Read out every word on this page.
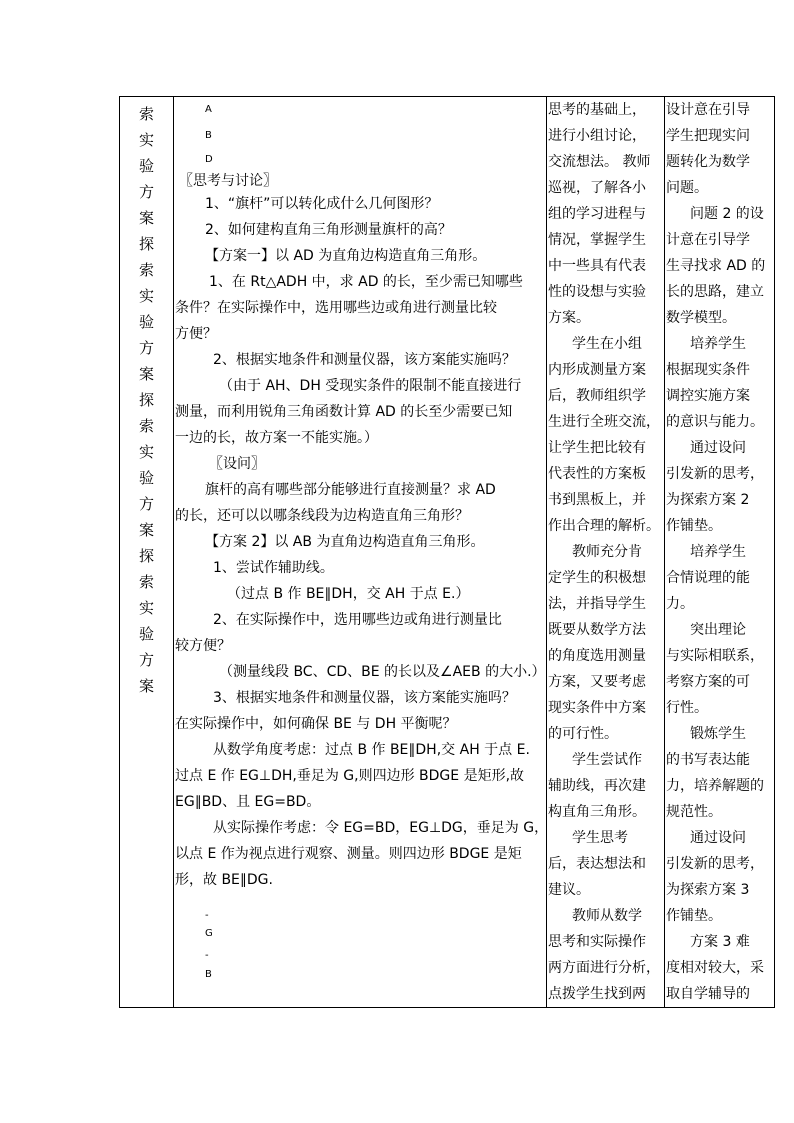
索
实
验
方
案
探
索
实
验
方
案
探
索
实
验
方
案
探
索
实
验
方
案

A

B

D

〖思考与讨论〗

1、“旗杆”可以转化成什么几何图形？

2、如何建构直角三角形测量旗杆的高？

【方案一】以 AD 为直角边构造直角三角形。

1、在 Rt△ADH 中，求 AD 的长，至少需已知哪些

条件？在实际操作中，选用哪些边或角进行测量比较

方便？

2、根据实地条件和测量仪器，该方案能实施吗？

（由于 AH、DH 受现实条件的限制不能直接进行

测量，而利用锐角三角函数计算 AD 的长至少需要已知

一边的长，故方案一不能实施。）

〖设问〗

旗杆的高有哪些部分能够进行直接测量？求 AD

的长，还可以以哪条线段为边构造直角三角形？

【方案 2】以 AB 为直角边构造直角三角形。

1、尝试作辅助线。

（过点 B 作 BE∥DH，交 AH 于点 E.）

2、在实际操作中，选用哪些边或角进行测量比

较方便？

（测量线段 BC、CD、BE 的长以及∠AEB 的大小.）

3、根据实地条件和测量仪器，该方案能实施吗？

在实际操作中，如何确保 BE 与 DH 平衡呢？

从数学角度考虑：过点 B 作 BE∥DH,交 AH 于点 E.

过点 E 作 EG⊥DH,垂足为 G,则四边形 BDGE 是矩形,故

EG∥BD、且 EG=BD。

从实际操作考虑：令 EG=BD，EG⊥DG，垂足为 G，

以点 E 作为视点进行观察、测量。则四边形 BDGE 是矩

形，故 BE∥DG.

-

G

-

B

思考的基础上，

进行小组讨论，

交流想法。 教师

巡视，了解各小

组的学习进程与

情况，掌握学生

中一些具有代表

性的设想与实验

方案。

学生在小组

内形成测量方案

后，教师组织学

生进行全班交流，

让学生把比较有

代表性的方案板

书到黑板上，并

作出合理的解析。

教师充分肯

定学生的积极想

法，并指导学生

既要从数学方法

的角度选用测量

方案，又要考虑

现实条件中方案

的可行性。

学生尝试作

辅助线，再次建

构直角三角形。

学生思考

后，表达想法和

建议。

教师从数学

思考和实际操作

两方面进行分析，

点拨学生找到两

设计意在引导

学生把现实问

题转化为数学

问题。

问题 2 的设

计意在引导学

生寻找求 AD 的

长的思路，建立

数学模型。

培养学生

根据现实条件

调控实施方案

的意识与能力。

通过设问

引发新的思考，

为探索方案 2

作铺垫。

培养学生

合情说理的能

力。

突出理论

与实际相联系，

考察方案的可

行性。

锻炼学生

的书写表达能

力，培养解题的

规范性。

通过设问

引发新的思考，

为探索方案 3

作铺垫。

方案 3 难

度相对较大，采

取自学辅导的
